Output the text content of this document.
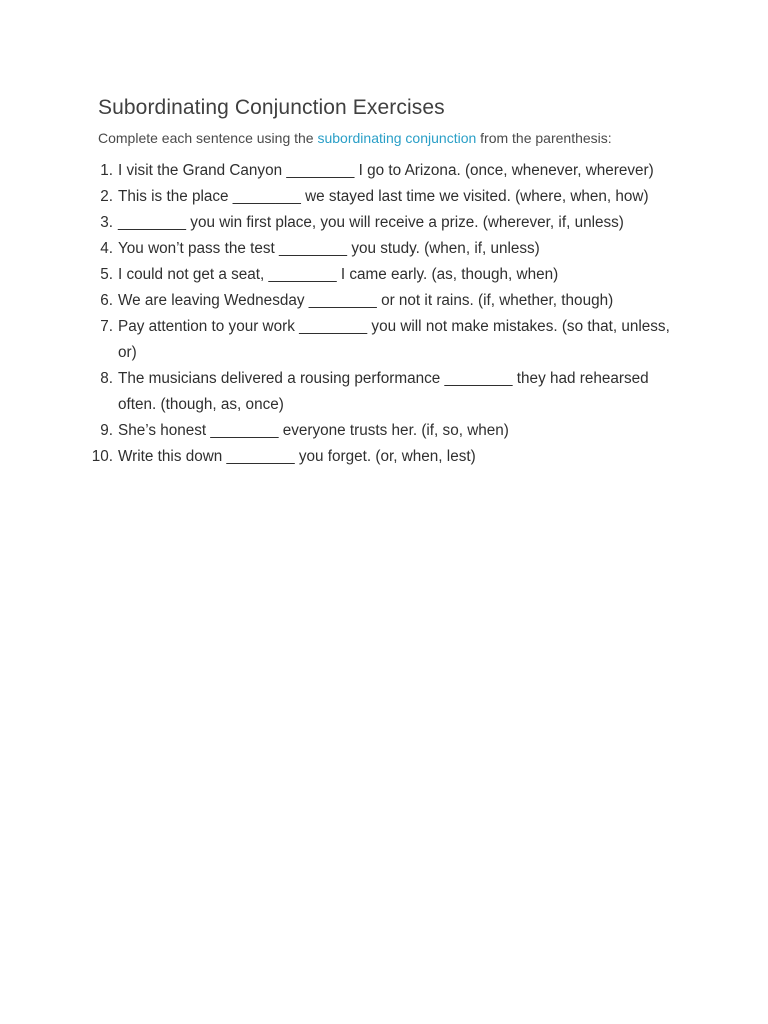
Subordinating Conjunction Exercises
Complete each sentence using the subordinating conjunction from the parenthesis:
1. I visit the Grand Canyon ________ I go to Arizona. (once, whenever, wherever)
2. This is the place ________ we stayed last time we visited. (where, when, how)
3. ________ you win first place, you will receive a prize. (wherever, if, unless)
4. You won’t pass the test ________ you study. (when, if, unless)
5. I could not get a seat, ________ I came early. (as, though, when)
6. We are leaving Wednesday ________ or not it rains. (if, whether, though)
7. Pay attention to your work ________ you will not make mistakes. (so that, unless, or)
8. The musicians delivered a rousing performance ________ they had rehearsed often. (though, as, once)
9. She’s honest ________ everyone trusts her. (if, so, when)
10. Write this down ________ you forget. (or, when, lest)
